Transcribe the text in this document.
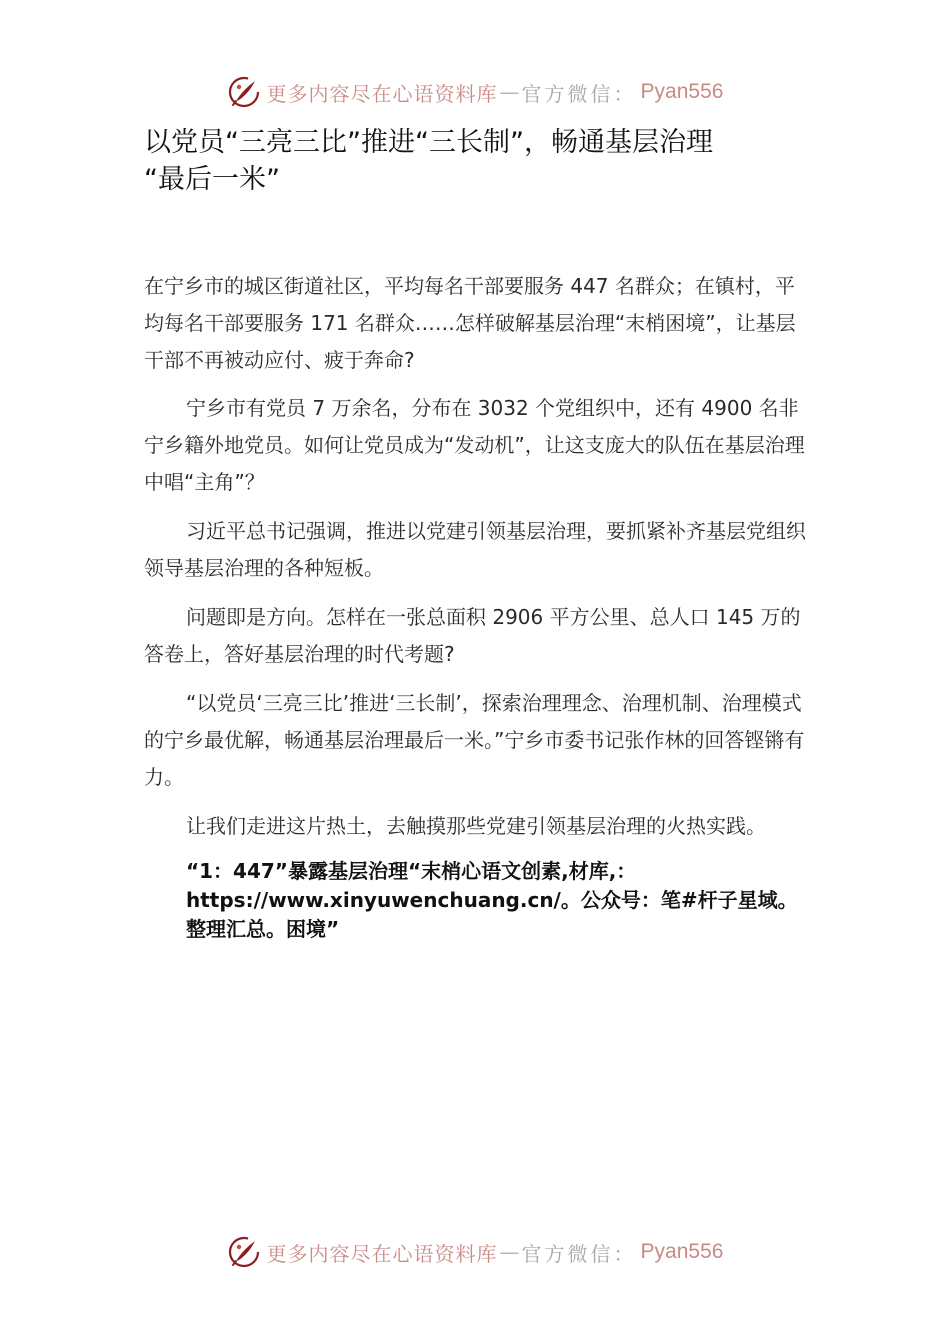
更多内容尽在心语资料库 — 官方微信： Pyan556
以党员“三亮三比”推进“三长制”，畅通基层治理
“最后一米”

在宁乡市的城区街道社区，平均每名干部要服务 447 名群众；在镇村，平均每名干部要服务 171 名群众……怎样破解基层治理“末梢困境”，让基层干部不再被动应付、疲于奔命?

宁乡市有党员 7 万余名，分布在 3032 个党组织中，还有 4900 名非宁乡籍外地党员。如何让党员成为“发动机”，让这支庞大的队伍在基层治理中唱“主角”？

习近平总书记强调，推进以党建引领基层治理，要抓紧补齐基层党组织领导基层治理的各种短板。

问题即是方向。怎样在一张总面积 2906 平方公里、总人口 145 万的答卷上，答好基层治理的时代考题?

“以党员‘三亮三比’推进‘三长制’，探索治理理念、治理机制、治理模式的宁乡最优解，畅通基层治理最后一米。”宁乡市委书记张作林的回答铿锵有力。

让我们走进这片热土，去触摸那些党建引领基层治理的火热实践。

“1：447”暴露基层治理“末梢心语文创素,材库,：https://www.xinyuwenchuang.cn/。公众号：笔#杆子星域。整理汇总。困境”

更多内容尽在心语资料库 — 官方微信： Pyan556
